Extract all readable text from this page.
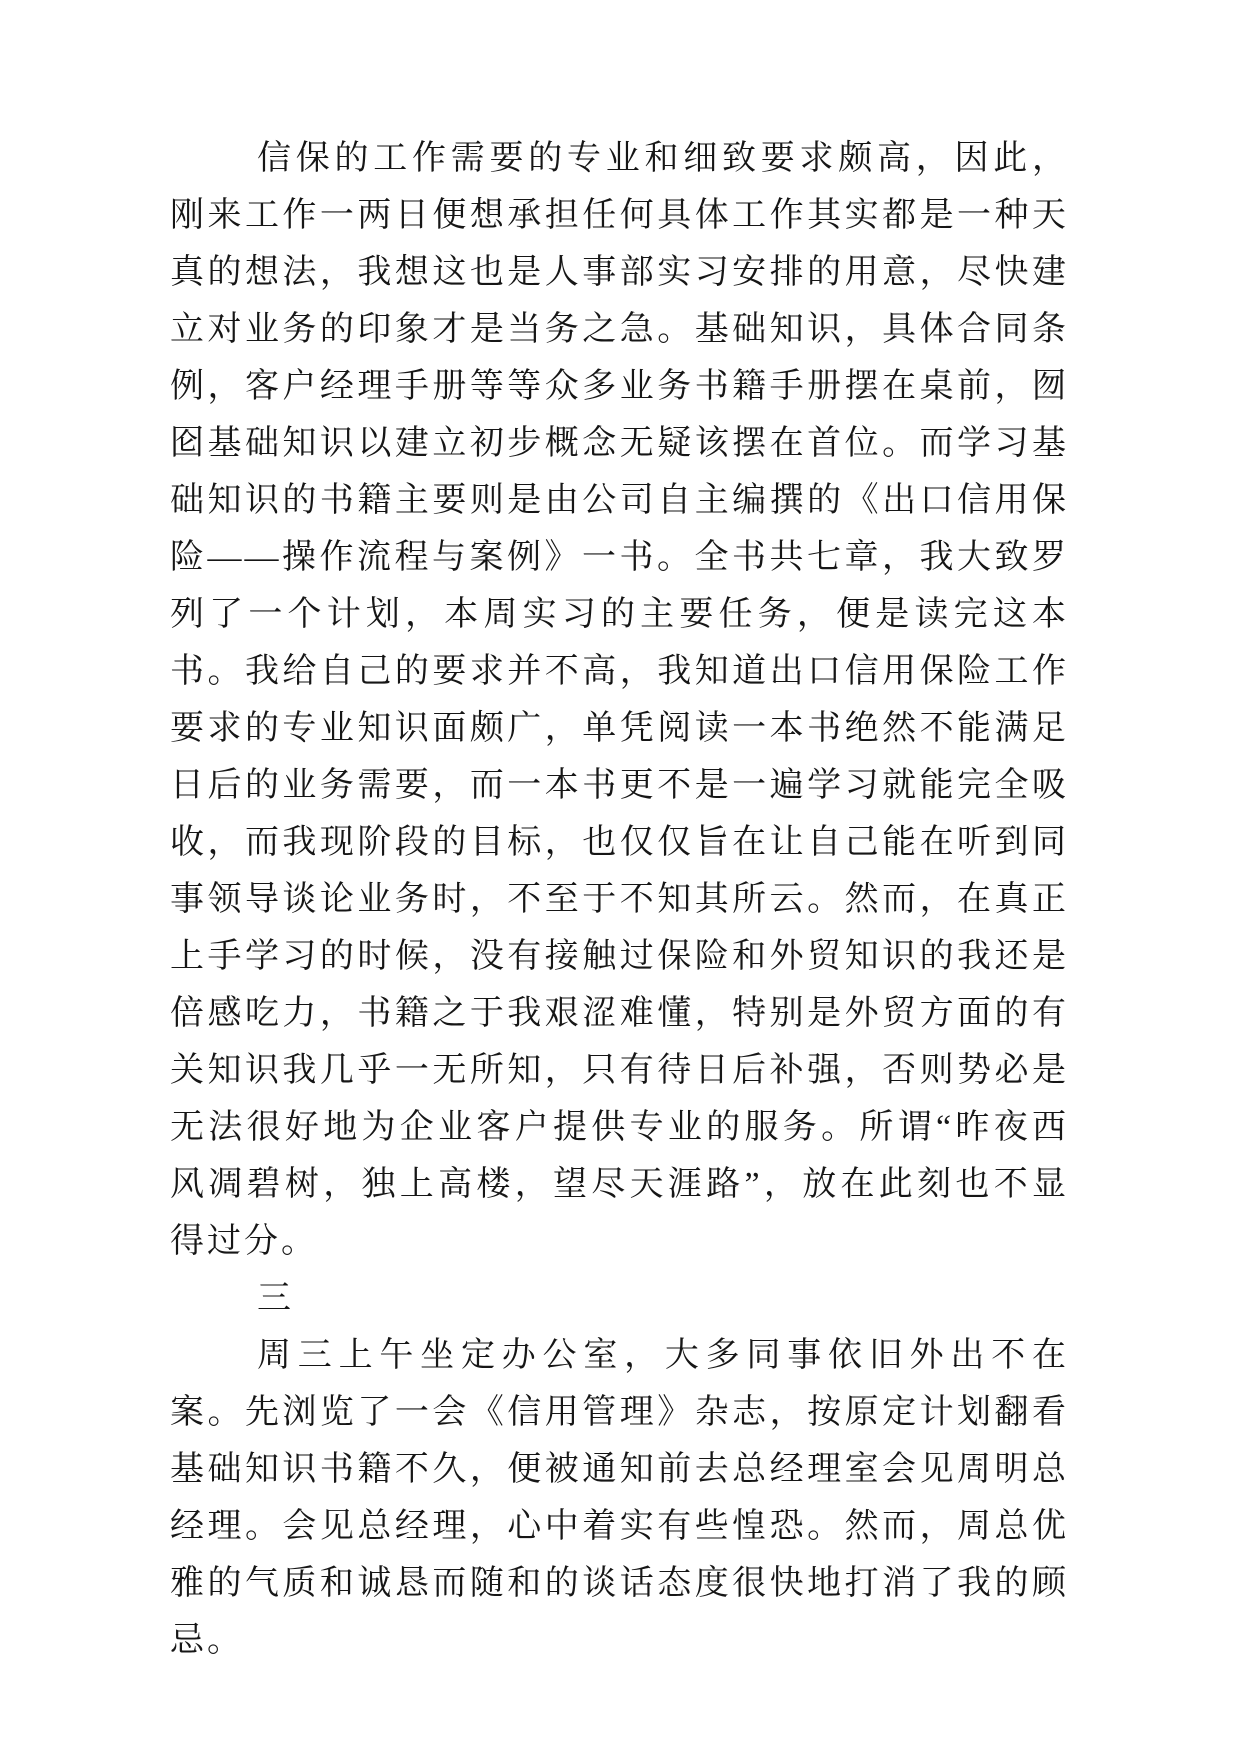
信保的工作需要的专业和细致要求颇高，因此，刚来工作一两日便想承担任何具体工作其实都是一种天真的想法，我想这也是人事部实习安排的用意，尽快建立对业务的印象才是当务之急。基础知识，具体合同条例，客户经理手册等等众多业务书籍手册摆在桌前，囫囵基础知识以建立初步概念无疑该摆在首位。而学习基础知识的书籍主要则是由公司自主编撰的《出口信用保险——操作流程与案例》一书。全书共七章，我大致罗列了一个计划，本周实习的主要任务，便是读完这本书。我给自己的要求并不高，我知道出口信用保险工作要求的专业知识面颇广，单凭阅读一本书绝然不能满足日后的业务需要，而一本书更不是一遍学习就能完全吸收，而我现阶段的目标，也仅仅旨在让自己能在听到同事领导谈论业务时，不至于不知其所云。然而，在真正上手学习的时候，没有接触过保险和外贸知识的我还是倍感吃力，书籍之于我艰涩难懂，特别是外贸方面的有关知识我几乎一无所知，只有待日后补强，否则势必是无法很好地为企业客户提供专业的服务。所谓“昨夜西风凋碧树，独上高楼，望尽天涯路”，放在此刻也不显得过分。

三

周三上午坐定办公室，大多同事依旧外出不在案。先浏览了一会《信用管理》杂志，按原定计划翻看基础知识书籍不久，便被通知前去总经理室会见周明总经理。会见总经理，心中着实有些惶恐。然而，周总优雅的气质和诚恳而随和的谈话态度很快地打消了我的顾忌。
